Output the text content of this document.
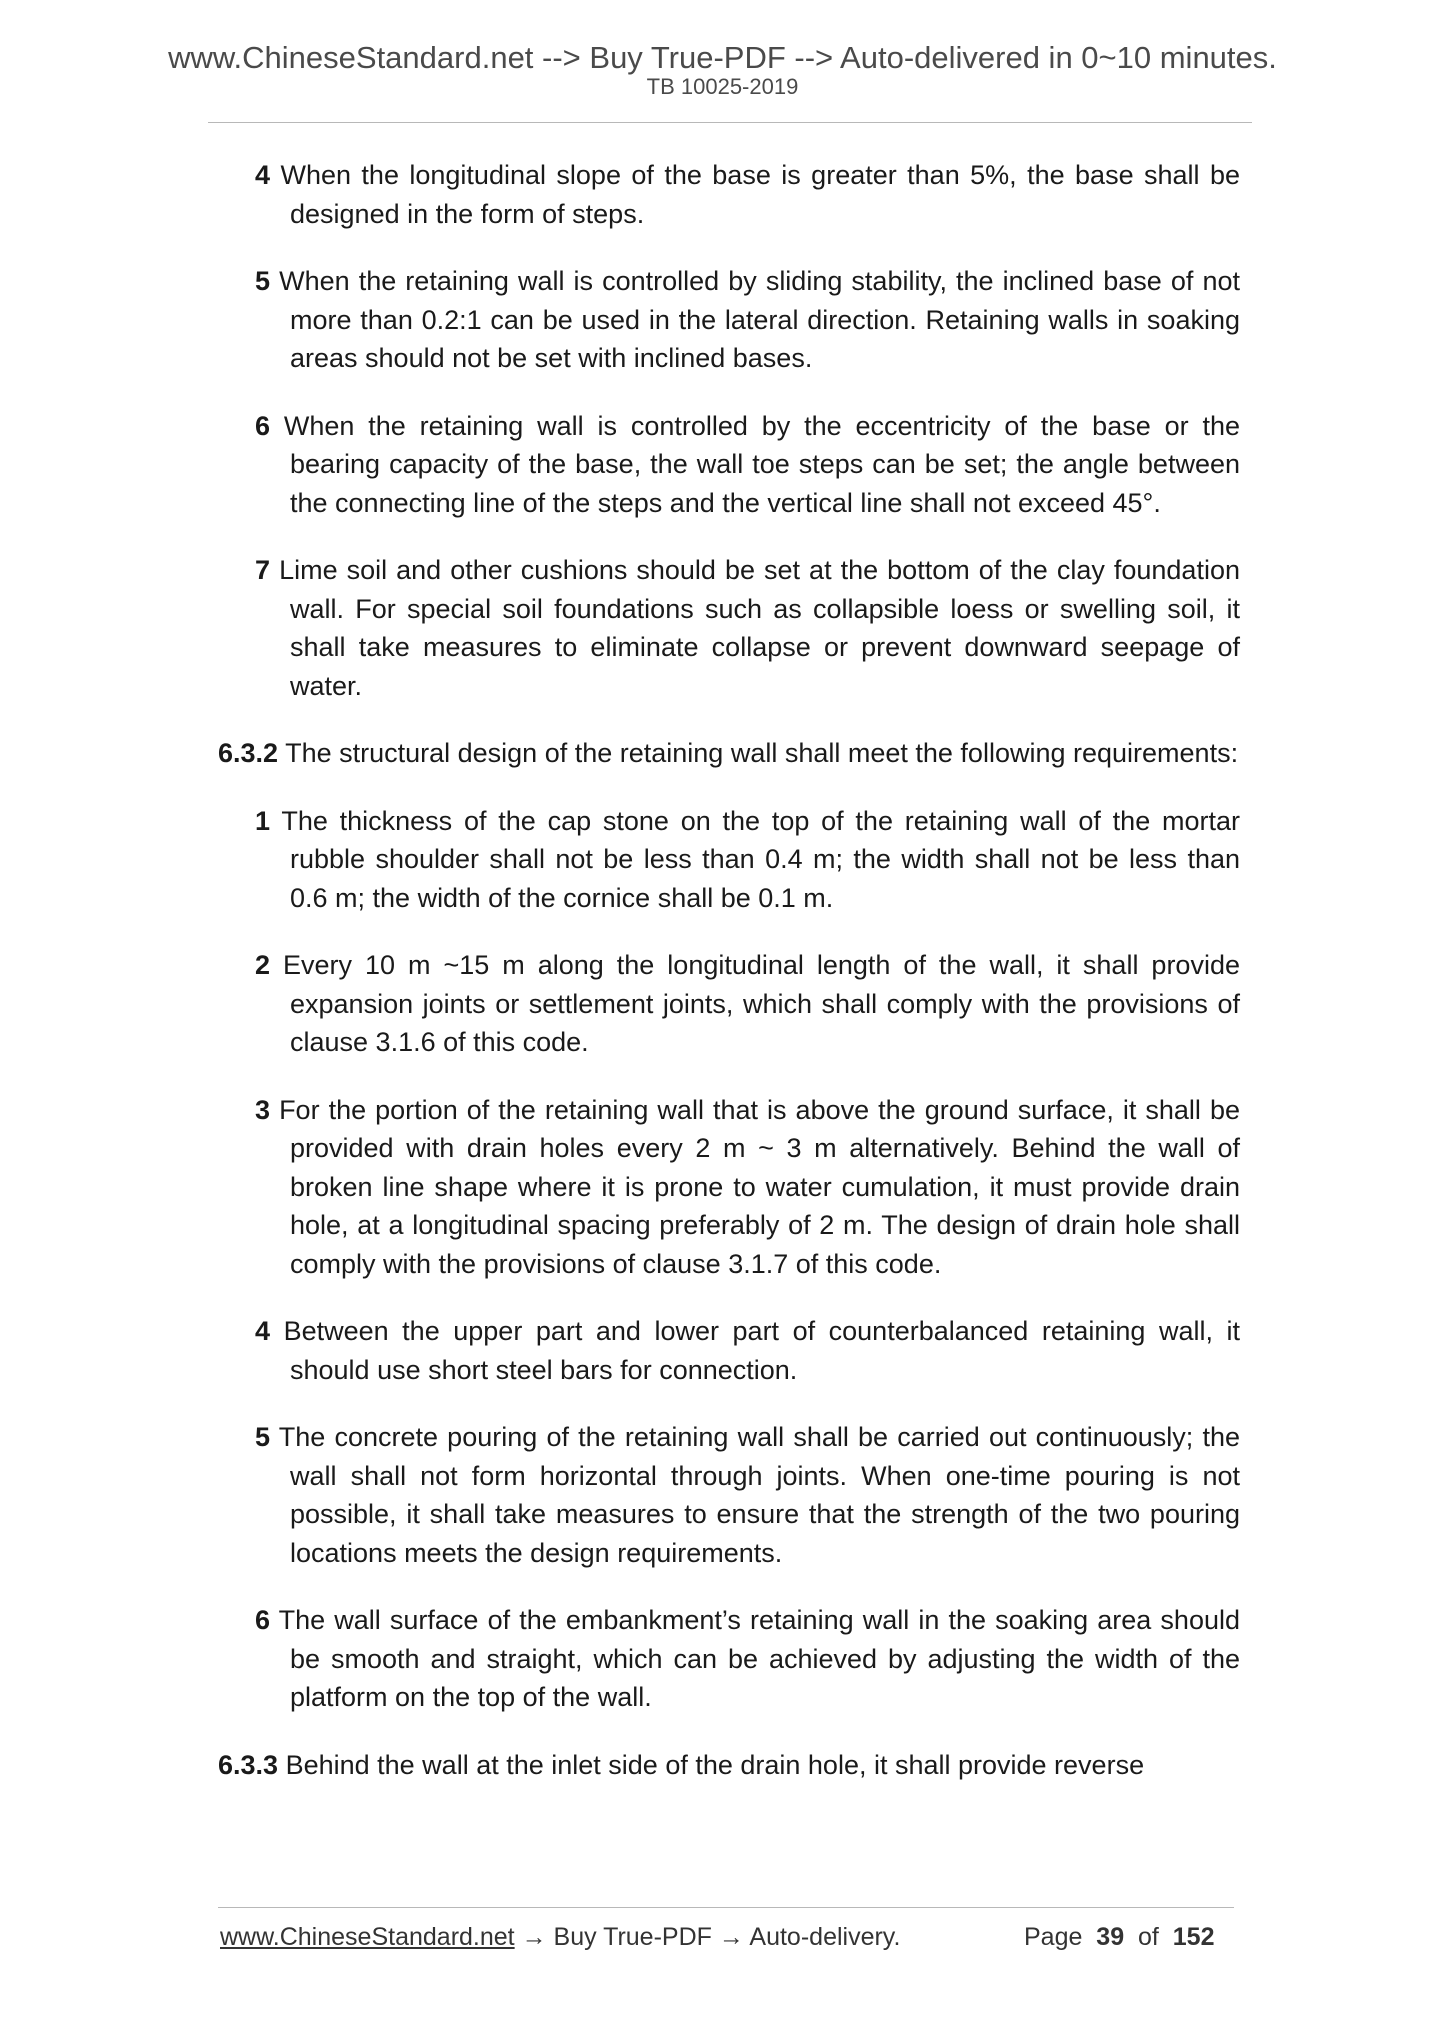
www.ChineseStandard.net --> Buy True-PDF --> Auto-delivered in 0~10 minutes.
TB 10025-2019

4 When the longitudinal slope of the base is greater than 5%, the base shall be designed in the form of steps.

5 When the retaining wall is controlled by sliding stability, the inclined base of not more than 0.2:1 can be used in the lateral direction. Retaining walls in soaking areas should not be set with inclined bases.

6 When the retaining wall is controlled by the eccentricity of the base or the bearing capacity of the base, the wall toe steps can be set; the angle between the connecting line of the steps and the vertical line shall not exceed 45°.

7 Lime soil and other cushions should be set at the bottom of the clay foundation wall. For special soil foundations such as collapsible loess or swelling soil, it shall take measures to eliminate collapse or prevent downward seepage of water.

6.3.2 The structural design of the retaining wall shall meet the following requirements:

1 The thickness of the cap stone on the top of the retaining wall of the mortar rubble shoulder shall not be less than 0.4 m; the width shall not be less than 0.6 m; the width of the cornice shall be 0.1 m.

2 Every 10 m ~15 m along the longitudinal length of the wall, it shall provide expansion joints or settlement joints, which shall comply with the provisions of clause 3.1.6 of this code.

3 For the portion of the retaining wall that is above the ground surface, it shall be provided with drain holes every 2 m ~ 3 m alternatively. Behind the wall of broken line shape where it is prone to water cumulation, it must provide drain hole, at a longitudinal spacing preferably of 2 m. The design of drain hole shall comply with the provisions of clause 3.1.7 of this code.

4 Between the upper part and lower part of counterbalanced retaining wall, it should use short steel bars for connection.

5 The concrete pouring of the retaining wall shall be carried out continuously; the wall shall not form horizontal through joints. When one-time pouring is not possible, it shall take measures to ensure that the strength of the two pouring locations meets the design requirements.

6 The wall surface of the embankment’s retaining wall in the soaking area should be smooth and straight, which can be achieved by adjusting the width of the platform on the top of the wall.

6.3.3 Behind the wall at the inlet side of the drain hole, it shall provide reverse

www.ChineseStandard.net → Buy True-PDF → Auto-delivery.	Page 39 of 152
